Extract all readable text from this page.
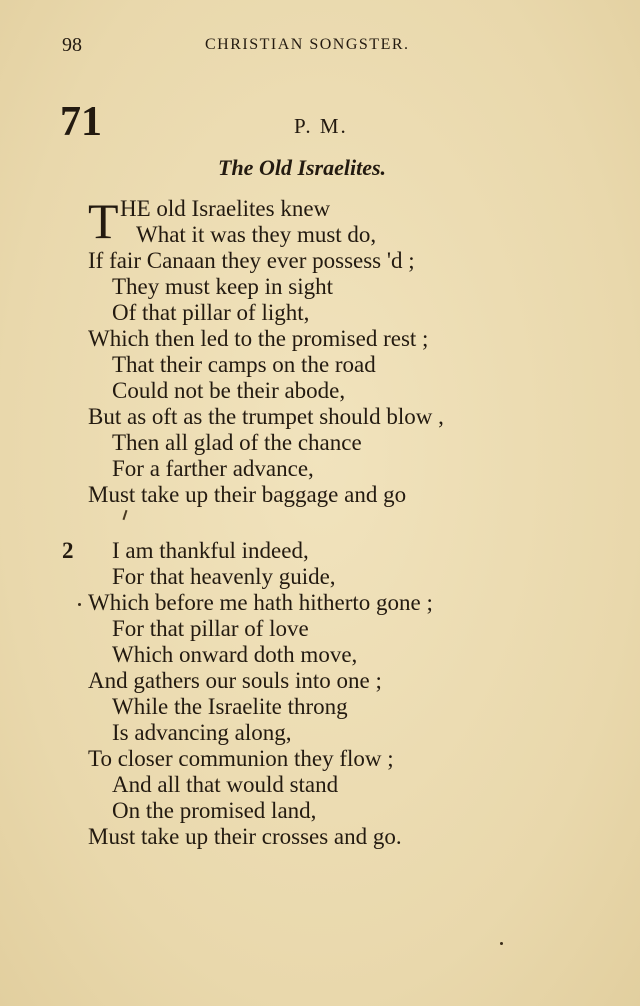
98	CHRISTIAN SONGSTER.
71	P. M.
The Old Israelites.
T HE old Israelites knew
What it was they must do,
If fair Canaan they ever possess 'd ;
They must keep in sight
Of that pillar of light,
Which then led to the promised rest ;
That their camps on the road
Could not be their abode,
But as oft as the trumpet should blow ,
Then all glad of the chance
For a farther advance,
Must take up their baggage and go
2 I am thankful indeed,
For that heavenly guide,
Which before me hath hitherto gone ;
For that pillar of love
Which onward doth move,
And gathers our souls into one ;
While the Israelite throng
Is advancing along,
To closer communion they flow ;
And all that would stand
On the promised land,
Must take up their crosses and go.
